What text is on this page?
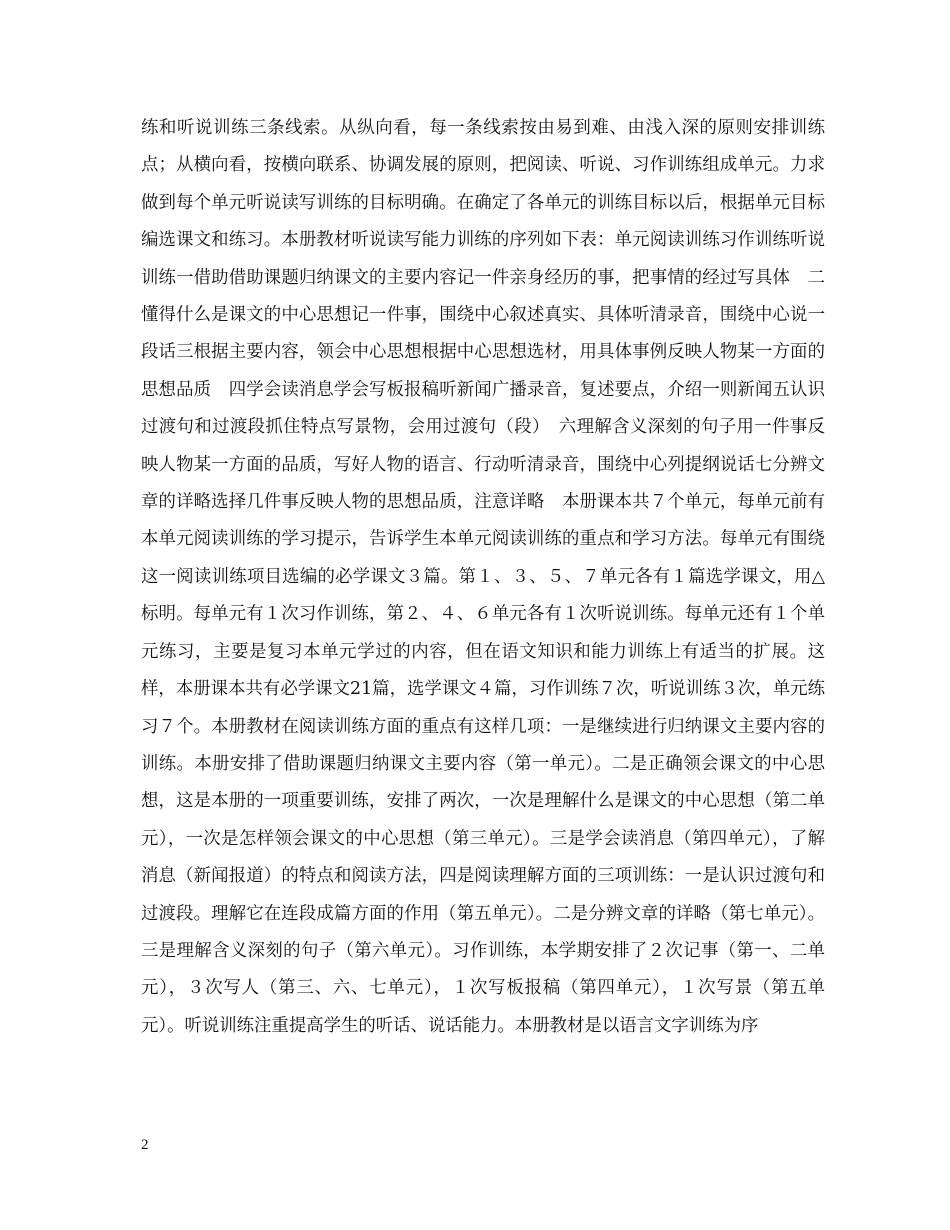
练和听说训练三条线索。从纵向看，每一条线索按由易到难、由浅入深的原则安排训练点；从横向看，按横向联系、协调发展的原则，把阅读、听说、习作训练组成单元。力求做到每个单元听说读写训练的目标明确。在确定了各单元的训练目标以后，根据单元目标编选课文和练习。本册教材听说读写能力训练的序列如下表：单元阅读训练习作训练听说训练一借助借助课题归纳课文的主要内容记一件亲身经历的事，把事情的经过写具体　二懂得什么是课文的中心思想记一件事，围绕中心叙述真实、具体听清录音，围绕中心说一段话三根据主要内容，领会中心思想根据中心思想选材，用具体事例反映人物某一方面的思想品质　四学会读消息学会写板报稿听新闻广播录音，复述要点，介绍一则新闻五认识过渡句和过渡段抓住特点写景物，会用过渡句（段）　六理解含义深刻的句子用一件事反映人物某一方面的品质，写好人物的语言、行动听清录音，围绕中心列提纲说话七分辨文章的详略选择几件事反映人物的思想品质，注意详略　本册课本共７个单元，每单元前有本单元阅读训练的学习提示，告诉学生本单元阅读训练的重点和学习方法。每单元有围绕这一阅读训练项目选编的必学课文３篇。第１、３、５、７单元各有１篇选学课文，用△标明。每单元有１次习作训练，第２、４、６单元各有１次听说训练。每单元还有１个单元练习，主要是复习本单元学过的内容，但在语文知识和能力训练上有适当的扩展。这样，本册课本共有必学课文21篇，选学课文４篇，习作训练７次，听说训练３次，单元练习７个。本册教材在阅读训练方面的重点有这样几项：一是继续进行归纳课文主要内容的训练。本册安排了借助课题归纳课文主要内容（第一单元）。二是正确领会课文的中心思想，这是本册的一项重要训练，安排了两次，一次是理解什么是课文的中心思想（第二单元），一次是怎样领会课文的中心思想（第三单元）。三是学会读消息（第四单元），了解消息（新闻报道）的特点和阅读方法，四是阅读理解方面的三项训练：一是认识过渡句和过渡段。理解它在连段成篇方面的作用（第五单元）。二是分辨文章的详略（第七单元）。三是理解含义深刻的句子（第六单元）。习作训练，本学期安排了２次记事（第一、二单元），３次写人（第三、六、七单元），１次写板报稿（第四单元），１次写景（第五单元）。听说训练注重提高学生的听话、说话能力。本册教材是以语言文字训练为序

2
